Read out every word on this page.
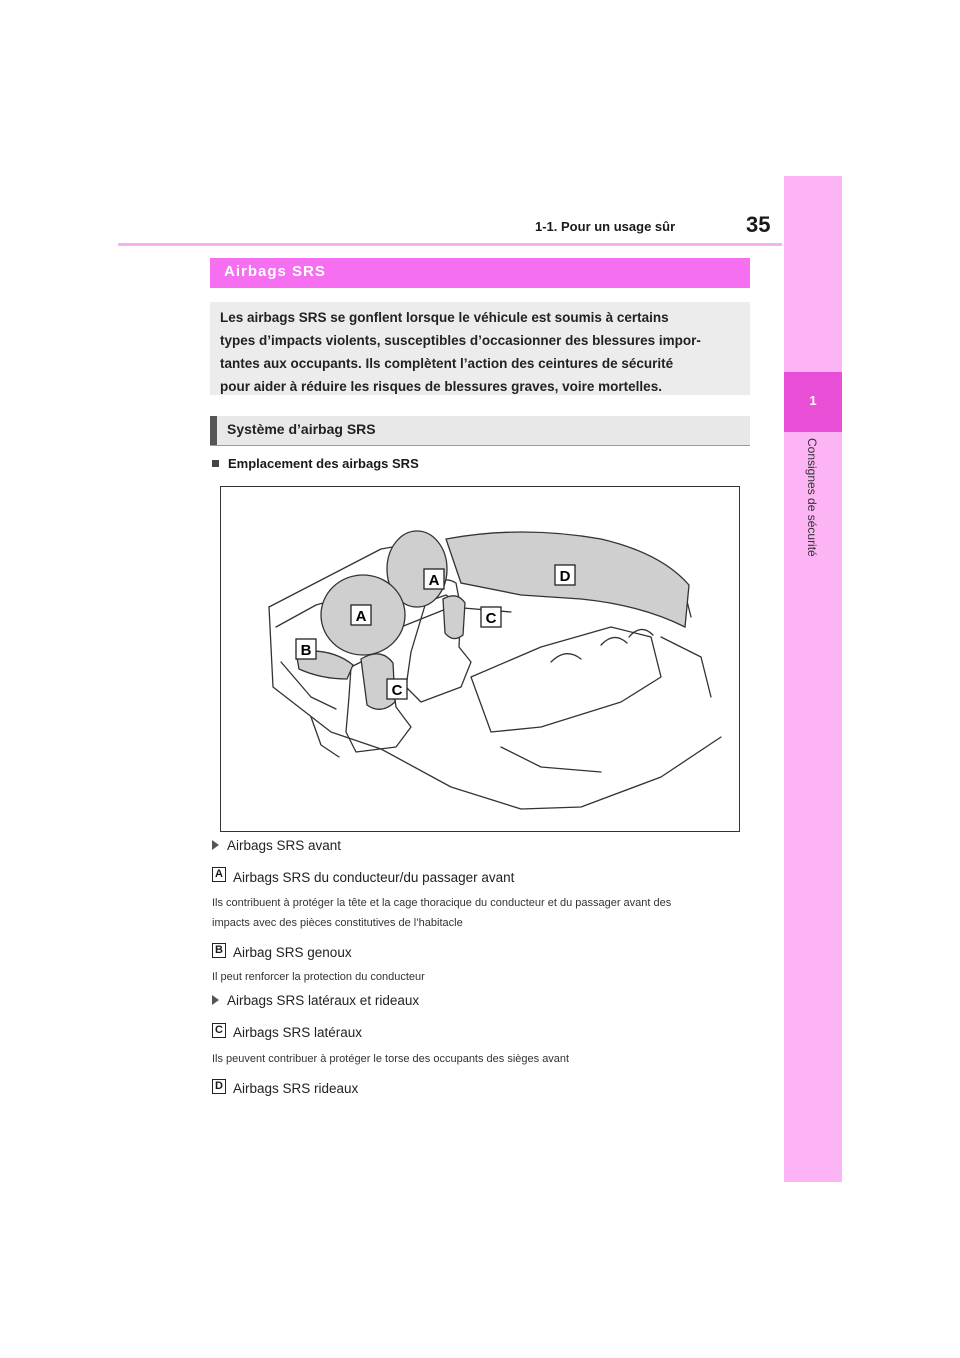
35
1-1. Pour un usage sûr
1
Consignes de sécurité
Airbags SRS
Les airbags SRS se gonflent lorsque le véhicule est soumis à certains
types d’impacts violents, susceptibles d’occasionner des blessures impor-
tantes aux occupants. Ils complètent l’action des ceintures de sécurité
pour aider à réduire les risques de blessures graves, voire mortelles.
Système d’airbag SRS
Emplacement des airbags SRS
A
A
B
C
C
D
Airbags SRS avant
A Airbags SRS du conducteur/du passager avant
Ils contribuent à protéger la tête et la cage thoracique du conducteur et du passager avant des
impacts avec des pièces constitutives de l’habitacle
B Airbag SRS genoux
Il peut renforcer la protection du conducteur
Airbags SRS latéraux et rideaux
C Airbags SRS latéraux
Ils peuvent contribuer à protéger le torse des occupants des sièges avant
D Airbags SRS rideaux
